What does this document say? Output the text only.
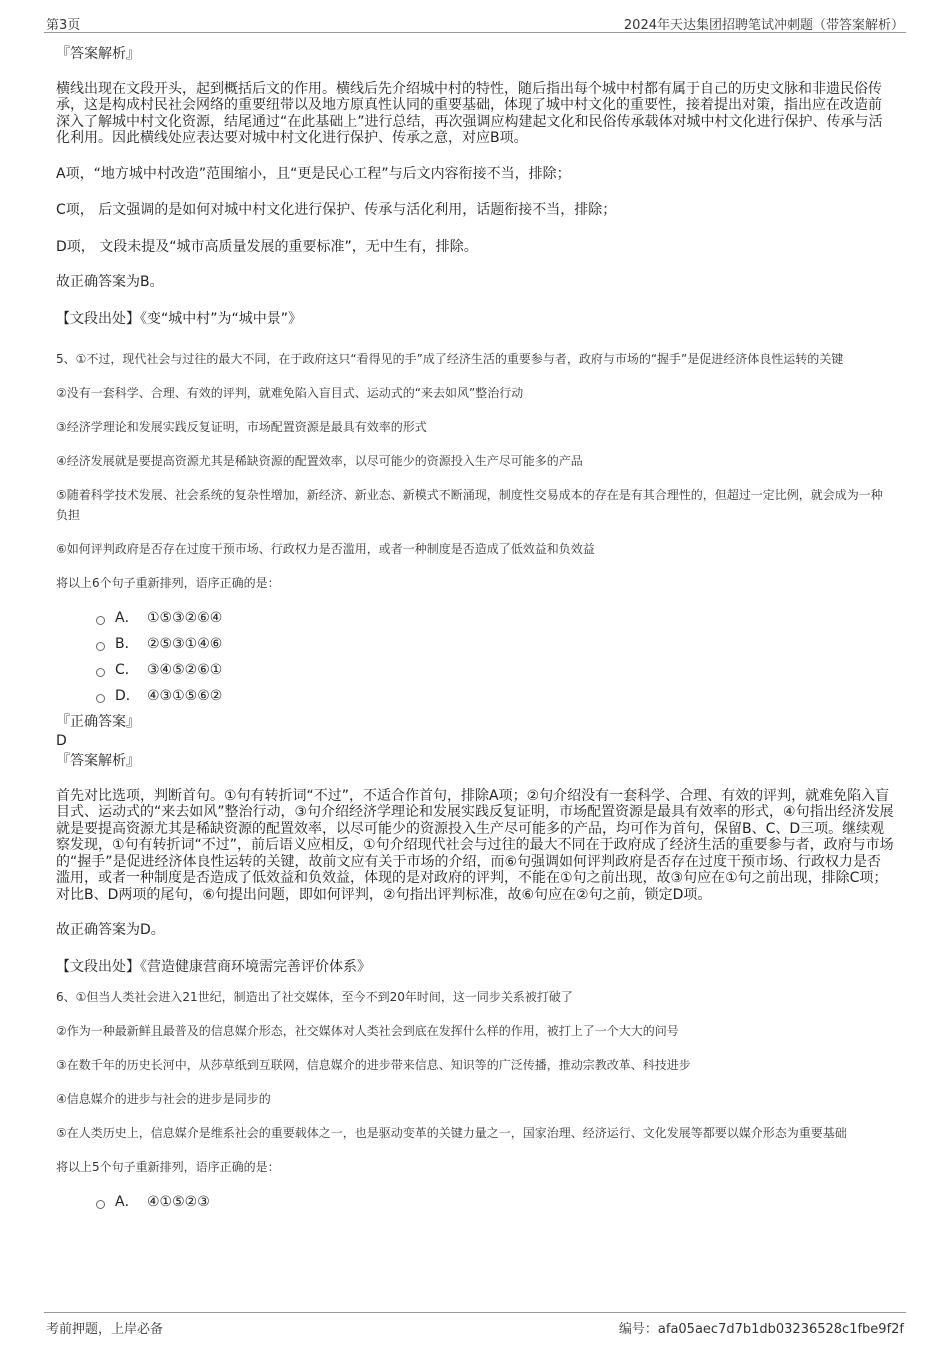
第3页	2024年天达集团招聘笔试冲刺题（带答案解析）

『答案解析』

横线出现在文段开头，起到概括后文的作用。横线后先介绍城中村的特性，随后指出每个城中村都有属于自己的历史文脉和非遗民俗传承，这是构成村民社会网络的重要纽带以及地方原真性认同的重要基础，体现了城中村文化的重要性，接着提出对策，指出应在改造前深入了解城中村文化资源，结尾通过“在此基础上”进行总结，再次强调应构建起文化和民俗传承载体对城中村文化进行保护、传承与活化利用。因此横线处应表达要对城中村文化进行保护、传承之意，对应B项。

A项，“地方城中村改造”范围缩小，且“更是民心工程”与后文内容衔接不当，排除；

C项， 后文强调的是如何对城中村文化进行保护、传承与活化利用，话题衔接不当，排除；

D项， 文段未提及“城市高质量发展的重要标准”，无中生有，排除。

故正确答案为B。

【文段出处】《变“城中村”为“城中景”》

5、①不过，现代社会与过往的最大不同，在于政府这只“看得见的手”成了经济生活的重要参与者，政府与市场的“握手”是促进经济体良性运转的关键

②没有一套科学、合理、有效的评判，就难免陷入盲目式、运动式的“来去如风”整治行动

③经济学理论和发展实践反复证明，市场配置资源是最具有效率的形式

④经济发展就是要提高资源尤其是稀缺资源的配置效率，以尽可能少的资源投入生产尽可能多的产品

⑤随着科学技术发展、社会系统的复杂性增加，新经济、新业态、新模式不断涌现，制度性交易成本的存在是有其合理性的，但超过一定比例，就会成为一种负担

⑥如何评判政府是否存在过度干预市场、行政权力是否滥用，或者一种制度是否造成了低效益和负效益

将以上6个句子重新排列，语序正确的是：

A． ①⑤③②⑥④
B． ②⑤③①④⑥
C． ③④⑤②⑥①
D． ④③①⑤⑥②

『正确答案』

D

『答案解析』

首先对比选项，判断首句。①句有转折词“不过”，不适合作首句，排除A项；②句介绍没有一套科学、合理、有效的评判，就难免陷入盲目式、运动式的“来去如风”整治行动，③句介绍经济学理论和发展实践反复证明，市场配置资源是最具有效率的形式，④句指出经济发展就是要提高资源尤其是稀缺资源的配置效率，以尽可能少的资源投入生产尽可能多的产品，均可作为首句，保留B、C、D三项。继续观察发现，①句有转折词“不过”，前后语义应相反，①句介绍现代社会与过往的最大不同在于政府成了经济生活的重要参与者，政府与市场的“握手”是促进经济体良性运转的关键，故前文应有关于市场的介绍，而⑥句强调如何评判政府是否存在过度干预市场、行政权力是否滥用，或者一种制度是否造成了低效益和负效益，体现的是对政府的评判，不能在①句之前出现，故③句应在①句之前出现，排除C项；对比B、D两项的尾句，⑥句提出问题，即如何评判，②句指出评判标准，故⑥句应在②句之前，锁定D项。

故正确答案为D。

【文段出处】《营造健康营商环境需完善评价体系》

6、①但当人类社会进入21世纪，制造出了社交媒体，至今不到20年时间，这一同步关系被打破了

②作为一种最新鲜且最普及的信息媒介形态，社交媒体对人类社会到底在发挥什么样的作用，被打上了一个大大的问号

③在数千年的历史长河中，从莎草纸到互联网，信息媒介的进步带来信息、知识等的广泛传播，推动宗教改革、科技进步

④信息媒介的进步与社会的进步是同步的

⑤在人类历史上，信息媒介是维系社会的重要载体之一，也是驱动变革的关键力量之一，国家治理、经济运行、文化发展等都要以媒介形态为重要基础

将以上5个句子重新排列，语序正确的是：

A． ④①⑤②③
考前押题，上岸必备	编号：afa05aec7d7b1db03236528c1fbe9f2f
